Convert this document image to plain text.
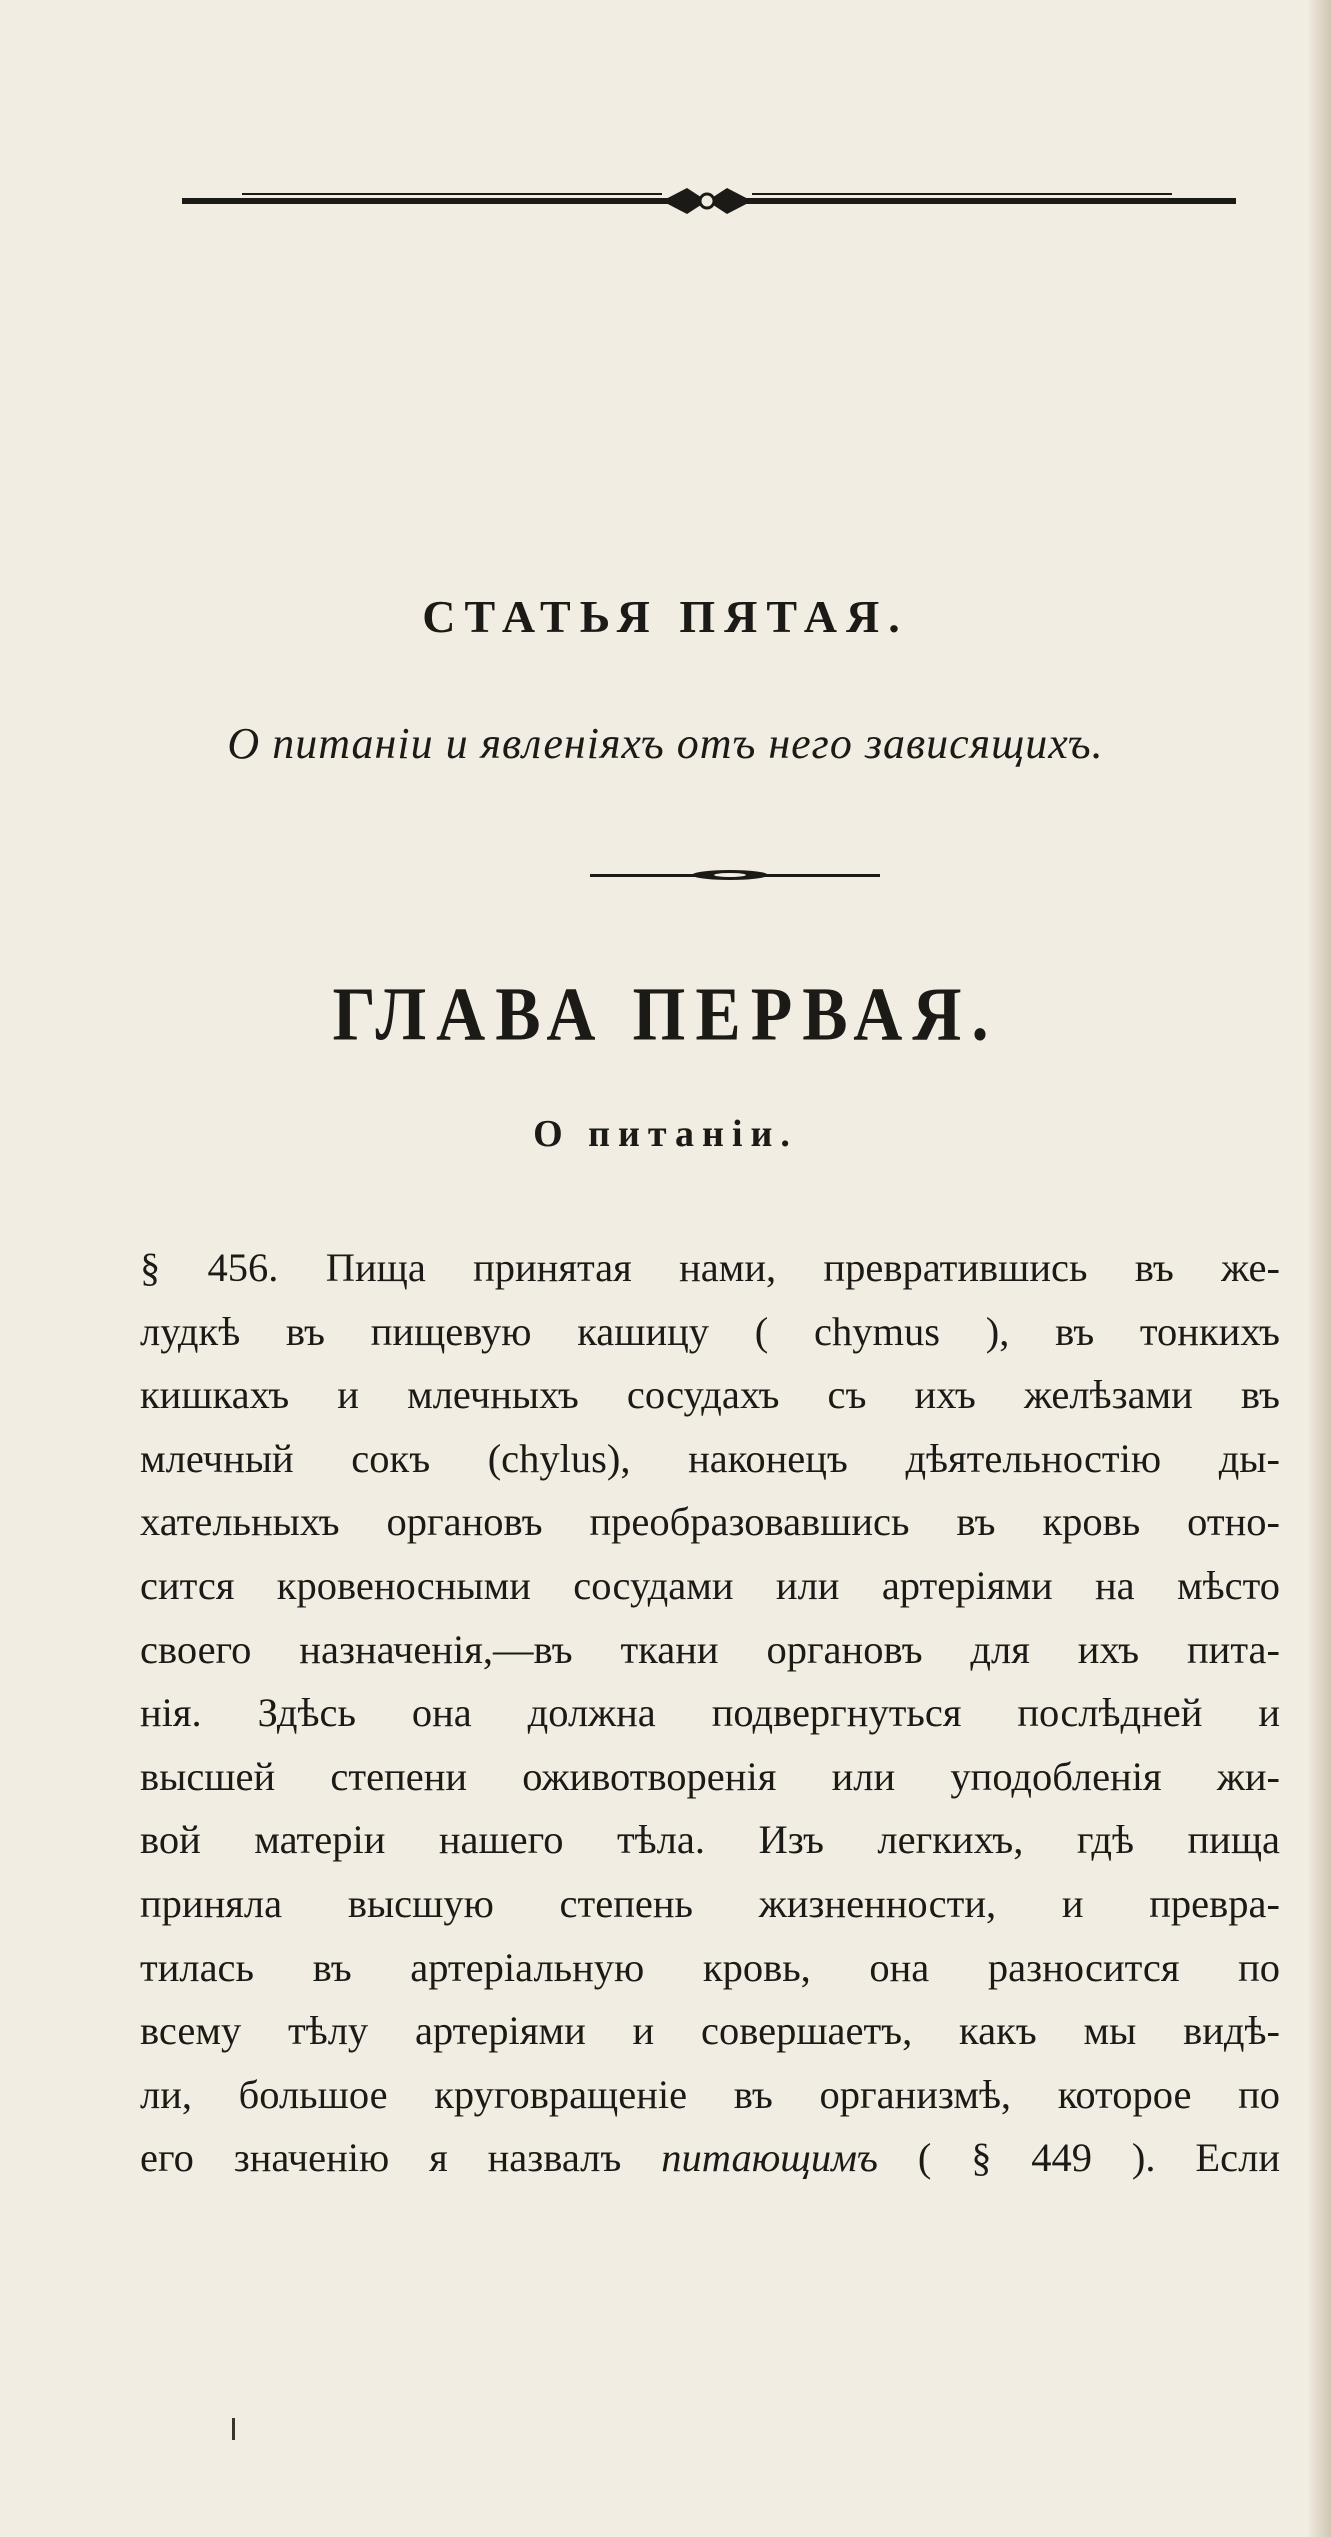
СТАТЬЯ ПЯТАЯ.
О питаніи и явленіяхъ отъ него зависящихъ.
ГЛАВА ПЕРВАЯ.
О питаніи.
§ 456. Пища принятая нами, превратившись въ же-
лудкѣ въ пищевую кашицу ( chymus ), въ тонкихъ
кишкахъ и млечныхъ сосудахъ съ ихъ желѣзами въ
млечный сокъ (chylus), наконецъ дѣятельностію ды-
хательныхъ органовъ преобразовавшись въ кровь отно-
сится кровеносными сосудами или артеріями на мѣсто
своего назначенія,—въ ткани органовъ для ихъ пита-
нія. Здѣсь она должна подвергнуться послѣдней и
высшей степени оживотворенія или уподобленія жи-
вой матеріи нашего тѣла. Изъ легкихъ, гдѣ пища
приняла высшую степень жизненности, и превра-
тилась въ артеріальную кровь, она разносится по
всему тѣлу артеріями и совершаетъ, какъ мы видѣ-
ли, большое круговращеніе въ организмѣ, которое по
его значенію я назвалъ питающимъ ( § 449 ). Если
